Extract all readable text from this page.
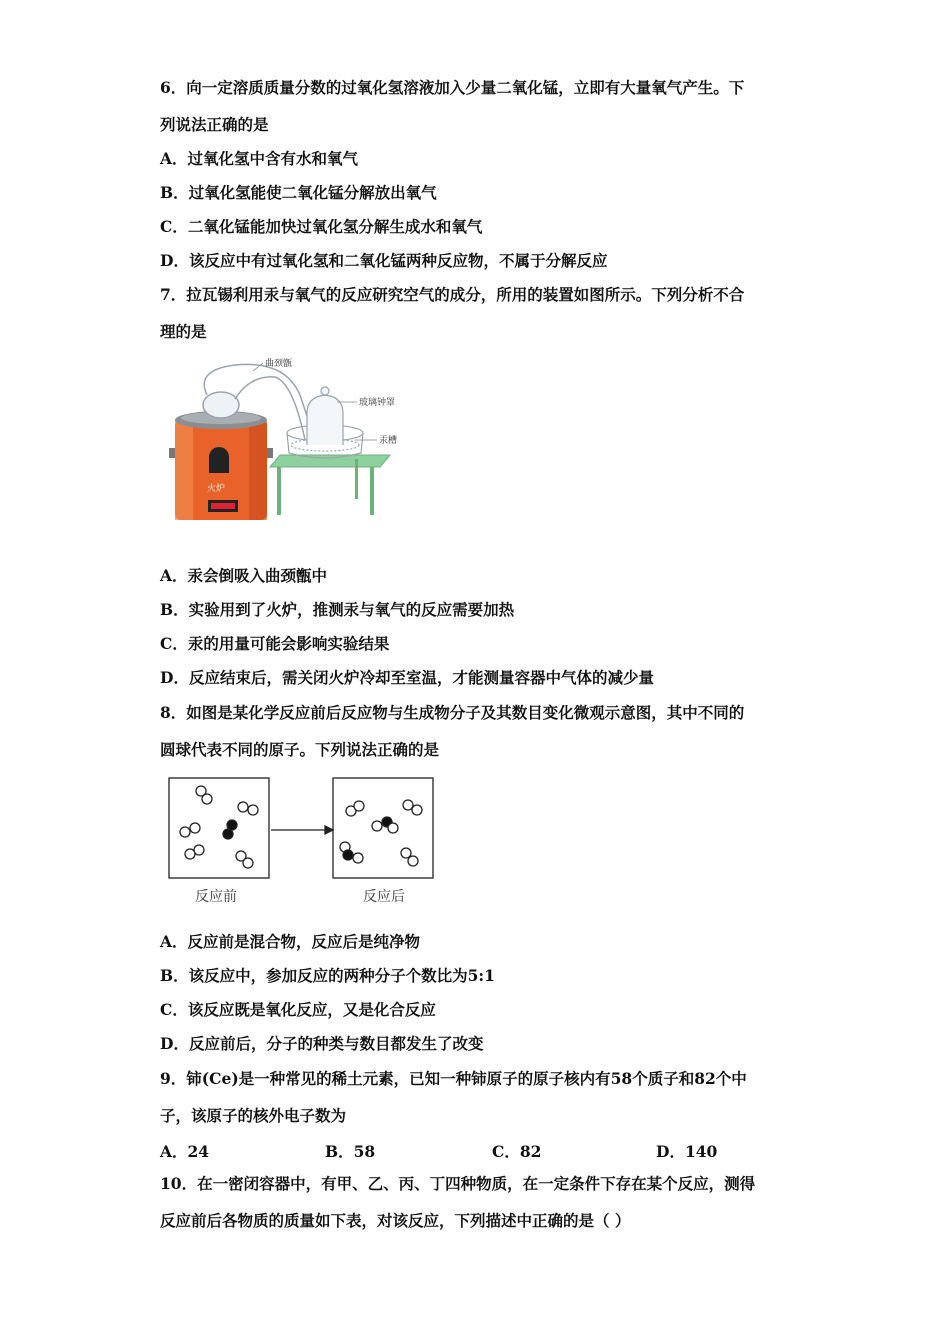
6．向一定溶质质量分数的过氧化氢溶液加入少量二氧化锰，立即有大量氧气产生。下
列说法正确的是
A．过氧化氢中含有水和氧气
B．过氧化氢能使二氧化锰分解放出氧气
C．二氧化锰能加快过氧化氢分解生成水和氧气
D．该反应中有过氧化氢和二氧化锰两种反应物，不属于分解反应
7．拉瓦锡利用汞与氧气的反应研究空气的成分，所用的装置如图所示。下列分析不合
理的是
曲颈甑
玻璃钟罩
汞槽
火炉
A．汞会倒吸入曲颈甑中
B．实验用到了火炉，推测汞与氧气的反应需要加热
C．汞的用量可能会影响实验结果
D．反应结束后，需关闭火炉冷却至室温，才能测量容器中气体的减少量
8．如图是某化学反应前后反应物与生成物分子及其数目变化微观示意图，其中不同的
圆球代表不同的原子。下列说法正确的是
反应前	反应后
A．反应前是混合物，反应后是纯净物
B．该反应中，参加反应的两种分子个数比为5:1
C．该反应既是氧化反应，又是化合反应
D．反应前后，分子的种类与数目都发生了改变
9．铈(Ce)是一种常见的稀土元素，已知一种铈原子的原子核内有58个质子和82个中
子，该原子的核外电子数为
A．24	B．58	C．82	D．140
10．在一密闭容器中，有甲、乙、丙、丁四种物质，在一定条件下存在某个反应，测得
反应前后各物质的质量如下表，对该反应，下列描述中正确的是（ ）
